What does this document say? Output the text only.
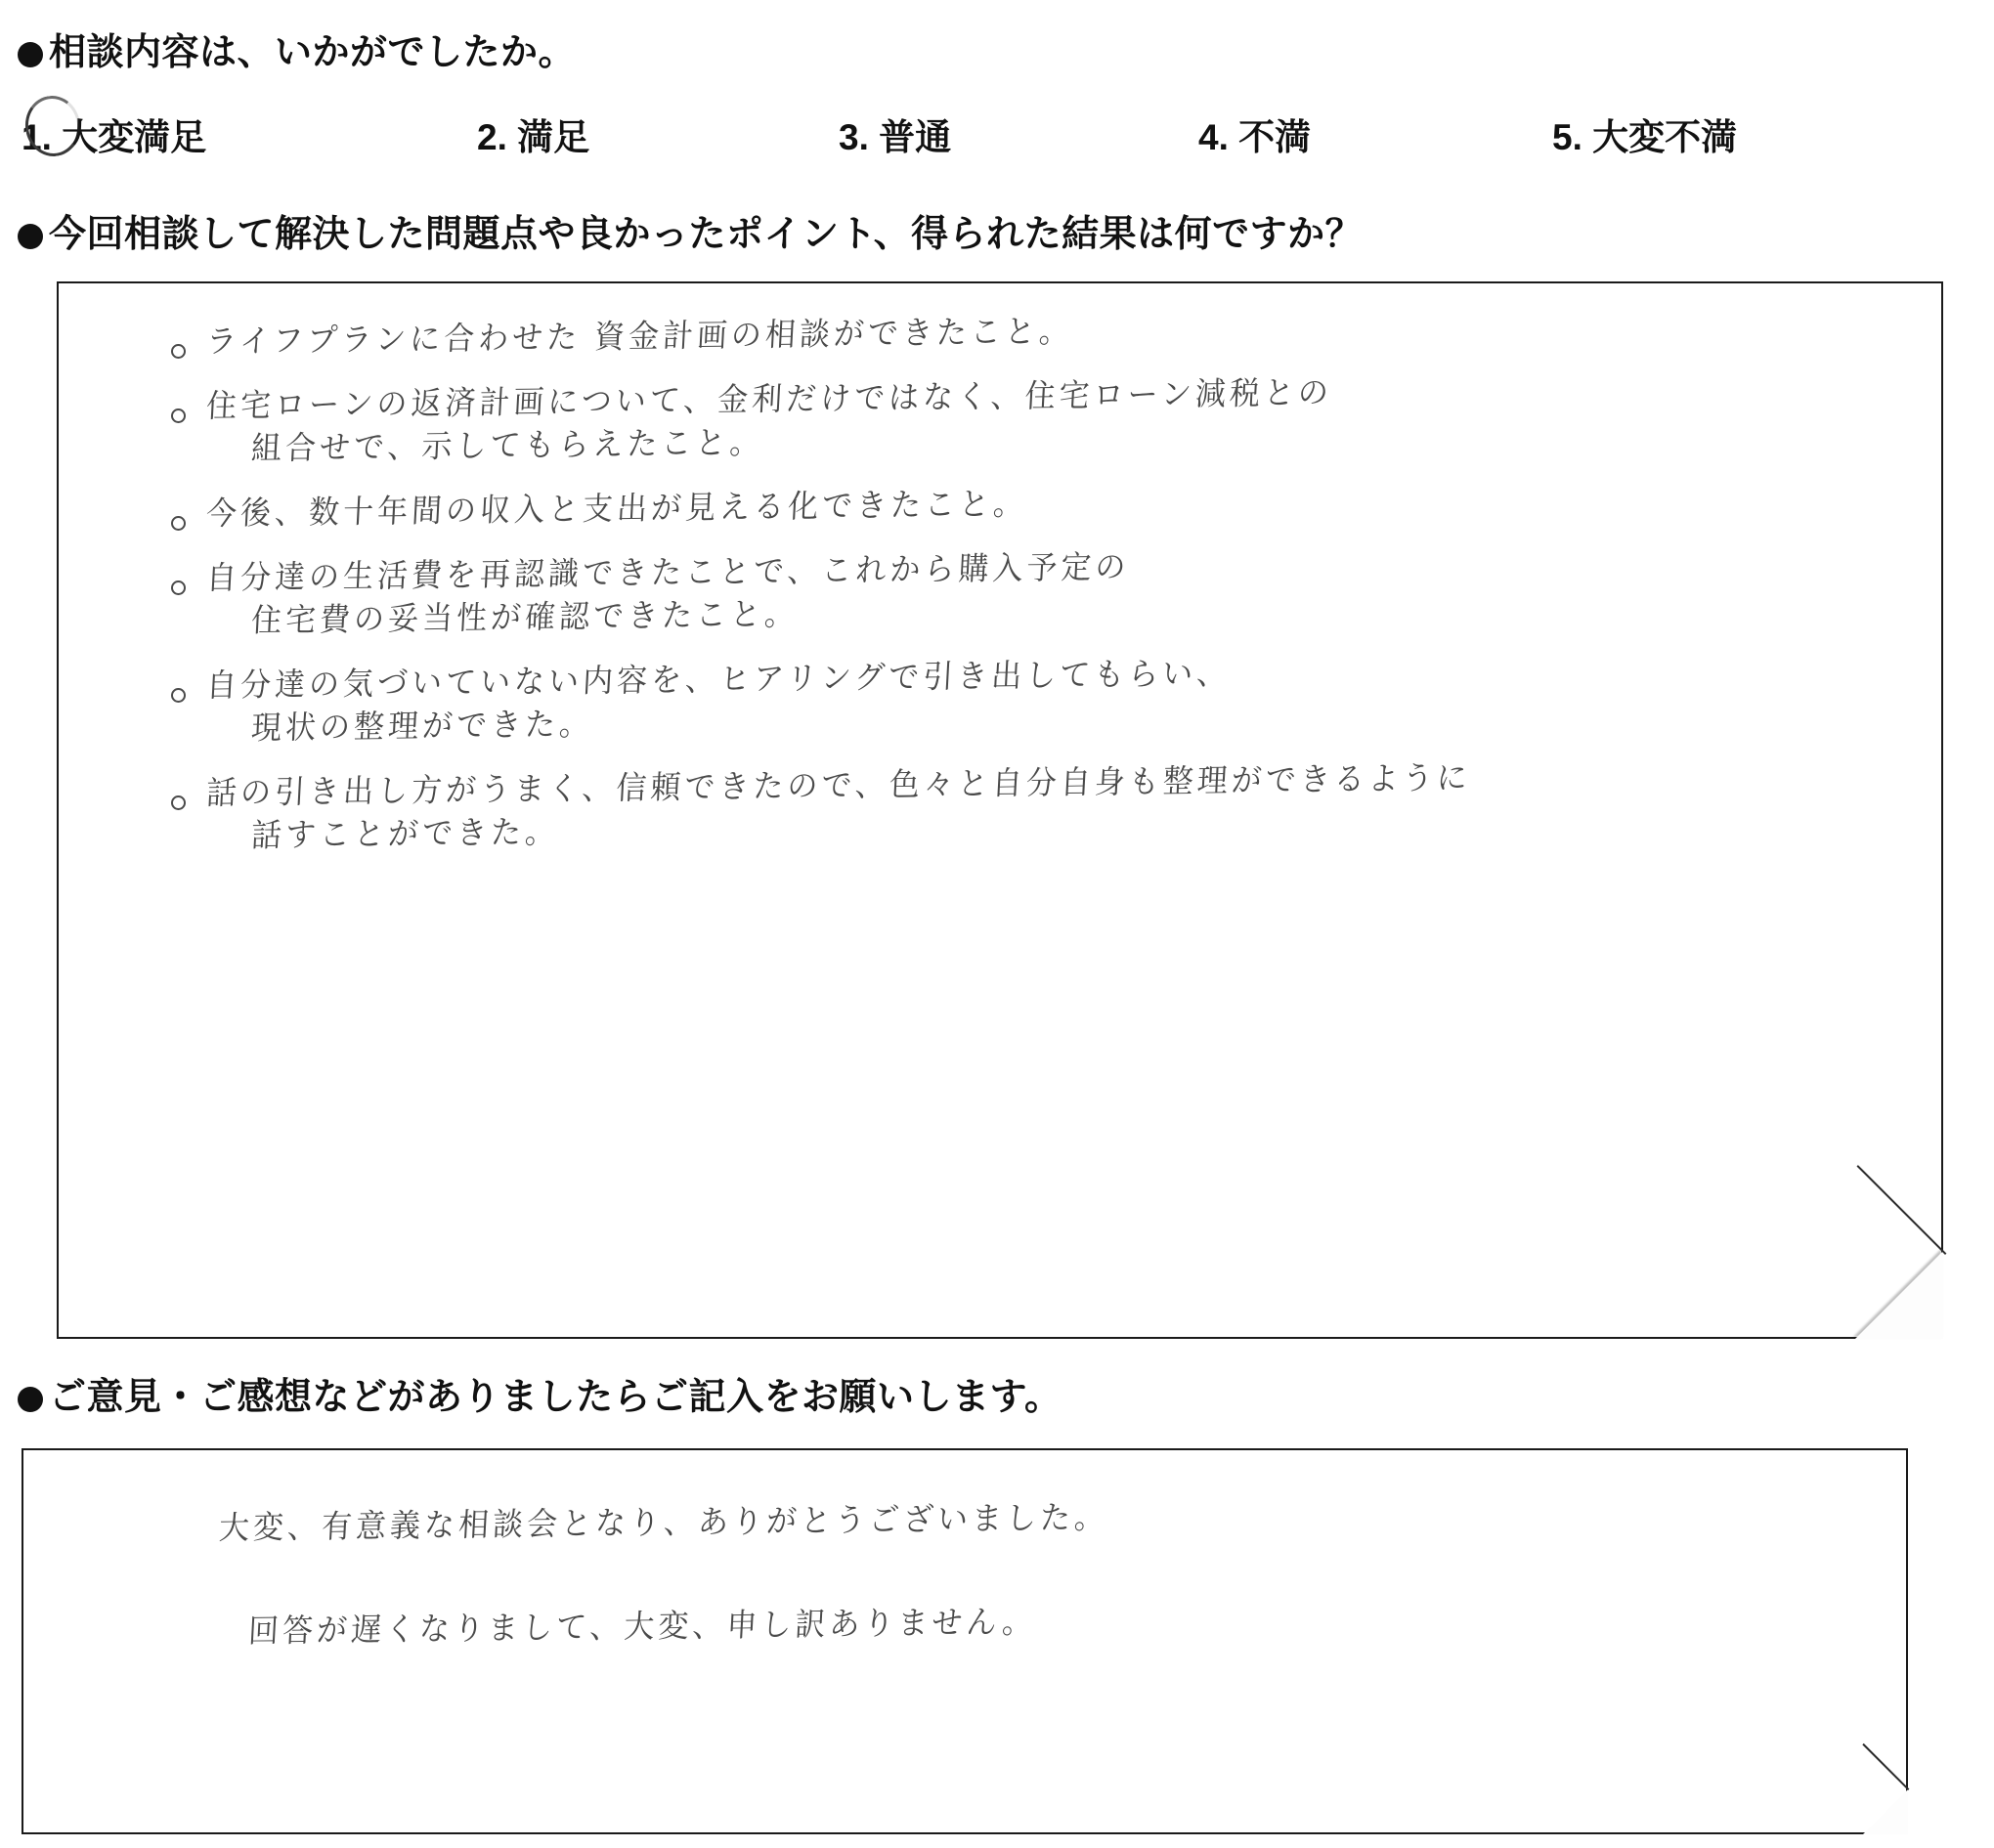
相談内容は、いかがでしたか。
1. 大変満足	2. 満足	3. 普通	4. 不満	5. 大変不満
今回相談して解決した問題点や良かったポイント、得られた結果は何ですか？
ライフプランに合わせた 資金計画の相談ができたこと。
住宅ローンの返済計画について、金利だけではなく、住宅ローン減税との
組合せで、示してもらえたこと。
今後、数十年間の収入と支出が見える化できたこと。
自分達の生活費を再認識できたことで、これから購入予定の
住宅費の妥当性が確認できたこと。
自分達の気づいていない内容を、ヒアリングで引き出してもらい、
現状の整理ができた。
話の引き出し方がうまく、信頼できたので、色々と自分自身も整理ができるように
話すことができた。
ご意見・ご感想などがありましたらご記入をお願いします。
大変、有意義な相談会となり、ありがとうございました。
回答が遅くなりまして、大変、申し訳ありません。
